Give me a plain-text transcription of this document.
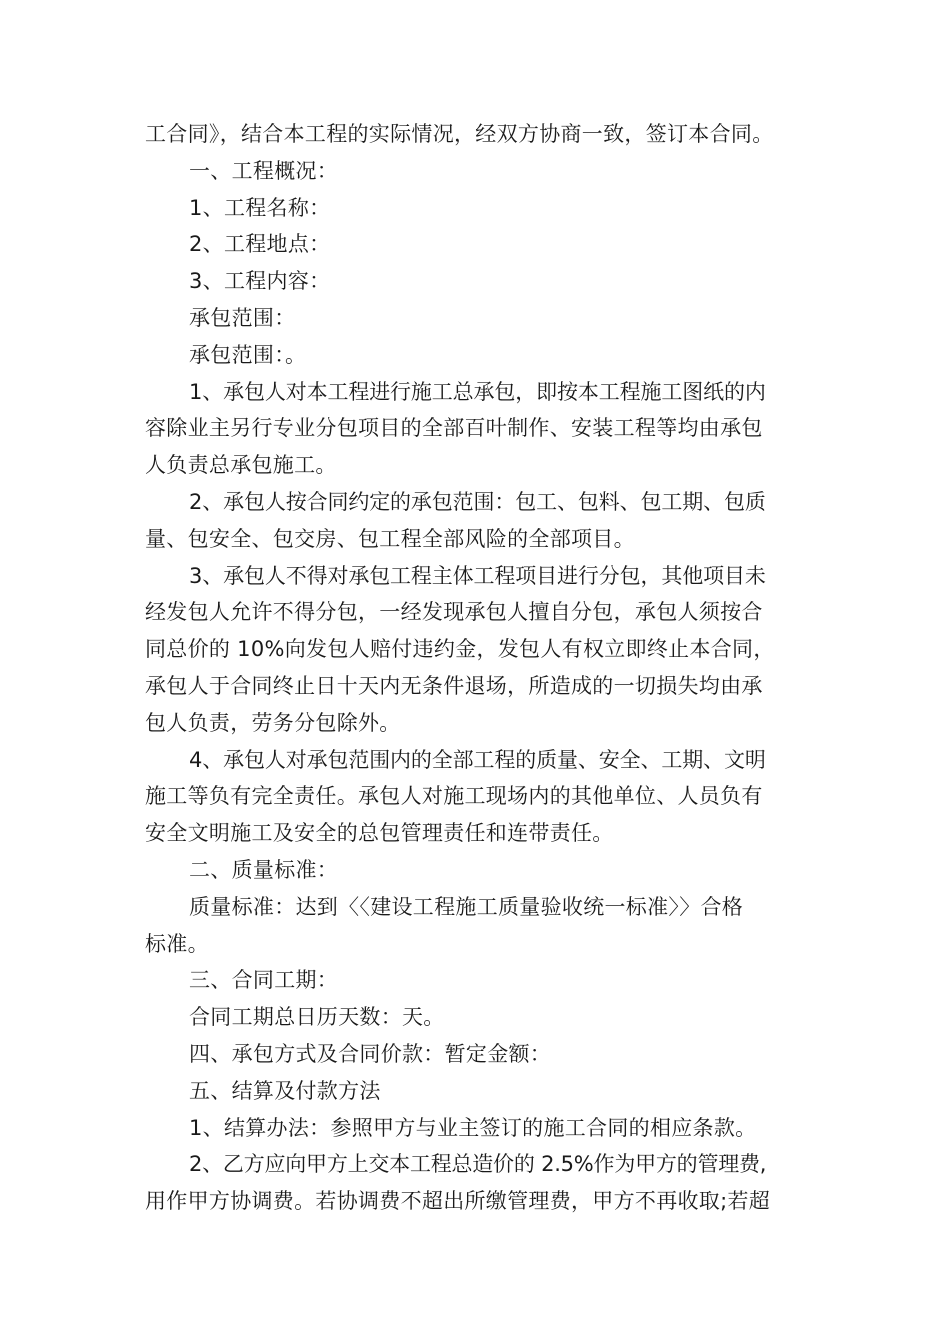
工合同》，结合本工程的实际情况，经双方协商一致，签订本合同。

一、工程概况：

1、工程名称：

2、工程地点：

3、工程内容：

承包范围：

承包范围：。

1、承包人对本工程进行施工总承包，即按本工程施工图纸的内
容除业主另行专业分包项目的全部百叶制作、安装工程等均由承包
人负责总承包施工。

2、承包人按合同约定的承包范围：包工、包料、包工期、包质
量、包安全、包交房、包工程全部风险的全部项目。

3、承包人不得对承包工程主体工程项目进行分包，其他项目未
经发包人允许不得分包，一经发现承包人擅自分包，承包人须按合
同总价的 10%向发包人赔付违约金，发包人有权立即终止本合同，
承包人于合同终止日十天内无条件退场，所造成的一切损失均由承
包人负责，劳务分包除外。

4、承包人对承包范围内的全部工程的质量、安全、工期、文明
施工等负有完全责任。承包人对施工现场内的其他单位、人员负有
安全文明施工及安全的总包管理责任和连带责任。

二、质量标准：

质量标准：达到〈〈建设工程施工质量验收统一标准〉〉合格
标准。

三、合同工期：

合同工期总日历天数：天。

四、承包方式及合同价款：暂定金额：

五、结算及付款方法

1、结算办法：参照甲方与业主签订的施工合同的相应条款。

2、乙方应向甲方上交本工程总造价的 2.5%作为甲方的管理费,
用作甲方协调费。若协调费不超出所缴管理费，甲方不再收取;若超
